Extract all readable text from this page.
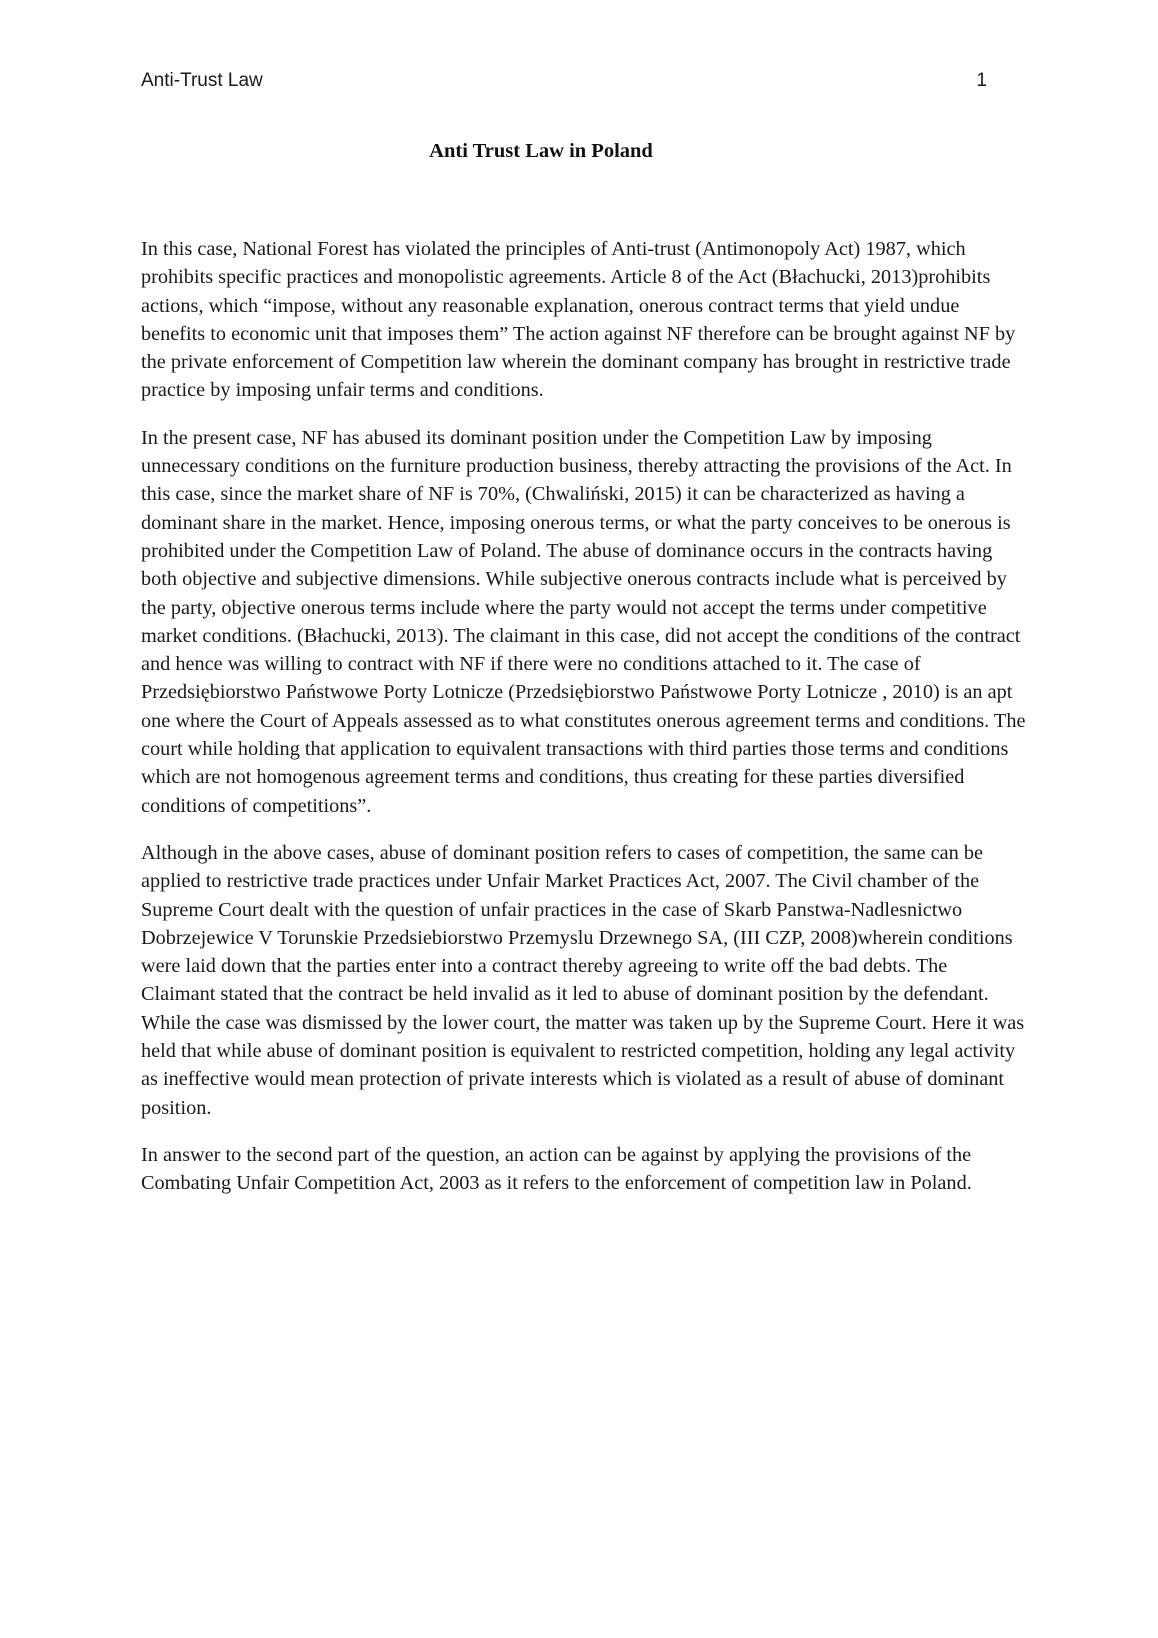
Anti-Trust Law	1
Anti Trust Law in Poland

In this case, National Forest has violated the principles of Anti-trust (Antimonopoly Act) 1987, which prohibits specific practices and monopolistic agreements. Article 8 of the Act (Błachucki, 2013)prohibits actions, which “impose, without any reasonable explanation, onerous contract terms that yield undue benefits to economic unit that imposes them” The action against NF therefore can be brought against NF by the private enforcement of Competition law wherein the dominant company has brought in restrictive trade practice by imposing unfair terms and conditions.

In the present case, NF has abused its dominant position under the Competition Law by imposing unnecessary conditions on the furniture production business, thereby attracting the provisions of the Act. In this case, since the market share of NF is 70%, (Chwaliński, 2015) it can be characterized as having a dominant share in the market. Hence, imposing onerous terms, or what the party conceives to be onerous is prohibited under the Competition Law of Poland. The abuse of dominance occurs in the contracts having both objective and subjective dimensions. While subjective onerous contracts include what is perceived by the party, objective onerous terms include where the party would not accept the terms under competitive market conditions. (Błachucki, 2013). The claimant in this case, did not accept the conditions of the contract and hence was willing to contract with NF if there were no conditions attached to it. The case of Przedsiębiorstwo Państwowe Porty Lotnicze (Przedsiębiorstwo Państwowe Porty Lotnicze , 2010) is an apt one where the Court of Appeals assessed as to what constitutes onerous agreement terms and conditions. The court while holding that application to equivalent transactions with third parties those terms and conditions which are not homogenous agreement terms and conditions, thus creating for these parties diversified conditions of competitions”.

Although in the above cases, abuse of dominant position refers to cases of competition, the same can be applied to restrictive trade practices under Unfair Market Practices Act, 2007. The Civil chamber of the Supreme Court dealt with the question of unfair practices in the case of Skarb Panstwa-Nadlesnictwo Dobrzejewice V Torunskie Przedsiebiorstwo Przemyslu Drzewnego SA, (III CZP, 2008)wherein conditions were laid down that the parties enter into a contract thereby agreeing to write off the bad debts. The Claimant stated that the contract be held invalid as it led to abuse of dominant position by the defendant. While the case was dismissed by the lower court, the matter was taken up by the Supreme Court. Here it was held that while abuse of dominant position is equivalent to restricted competition, holding any legal activity as ineffective would mean protection of private interests which is violated as a result of abuse of dominant position.

In answer to the second part of the question, an action can be against by applying the provisions of the Combating Unfair Competition Act, 2003 as it refers to the enforcement of competition law in Poland.
